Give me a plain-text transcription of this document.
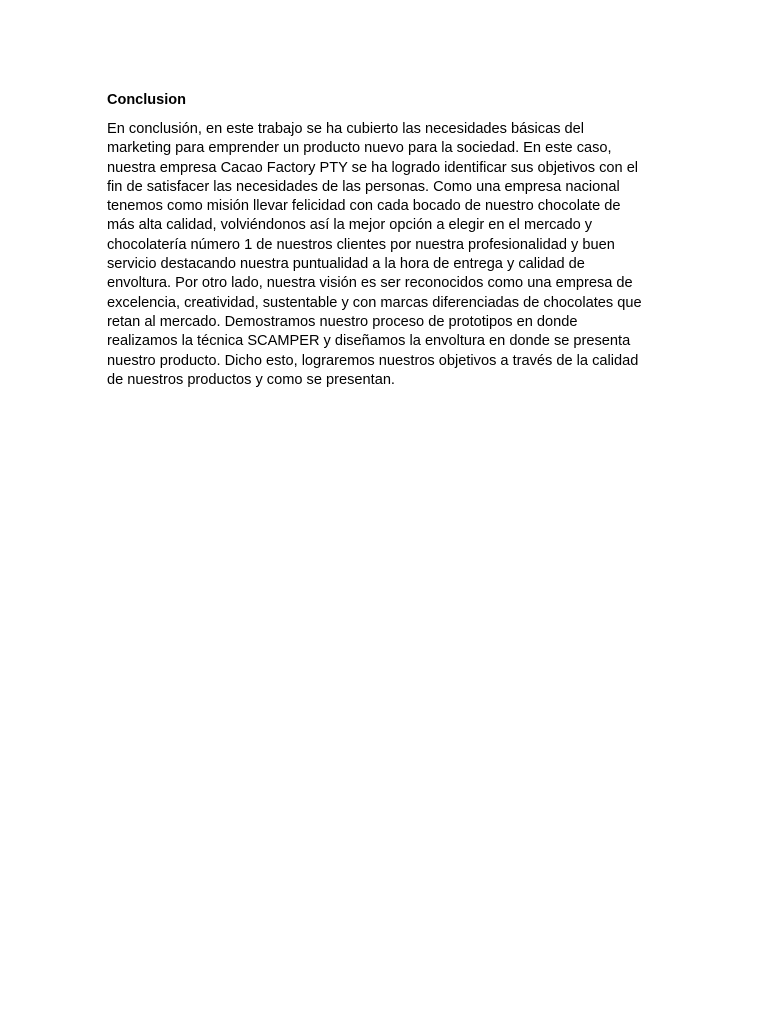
Conclusion

En conclusión, en este trabajo se ha cubierto las necesidades básicas del
marketing para emprender un producto nuevo para la sociedad. En este caso,
nuestra empresa Cacao Factory PTY se ha logrado identificar sus objetivos con el
fin de satisfacer las necesidades de las personas. Como una empresa nacional
tenemos como misión llevar felicidad con cada bocado de nuestro chocolate de
más alta calidad, volviéndonos así la mejor opción a elegir en el mercado y
chocolatería número 1 de nuestros clientes por nuestra profesionalidad y buen
servicio destacando nuestra puntualidad a la hora de entrega y calidad de
envoltura. Por otro lado, nuestra visión es ser reconocidos como una empresa de
excelencia, creatividad, sustentable y con marcas diferenciadas de chocolates que
retan al mercado. Demostramos nuestro proceso de prototipos en donde
realizamos la técnica SCAMPER y diseñamos la envoltura en donde se presenta
nuestro producto. Dicho esto, lograremos nuestros objetivos a través de la calidad
de nuestros productos y como se presentan.
